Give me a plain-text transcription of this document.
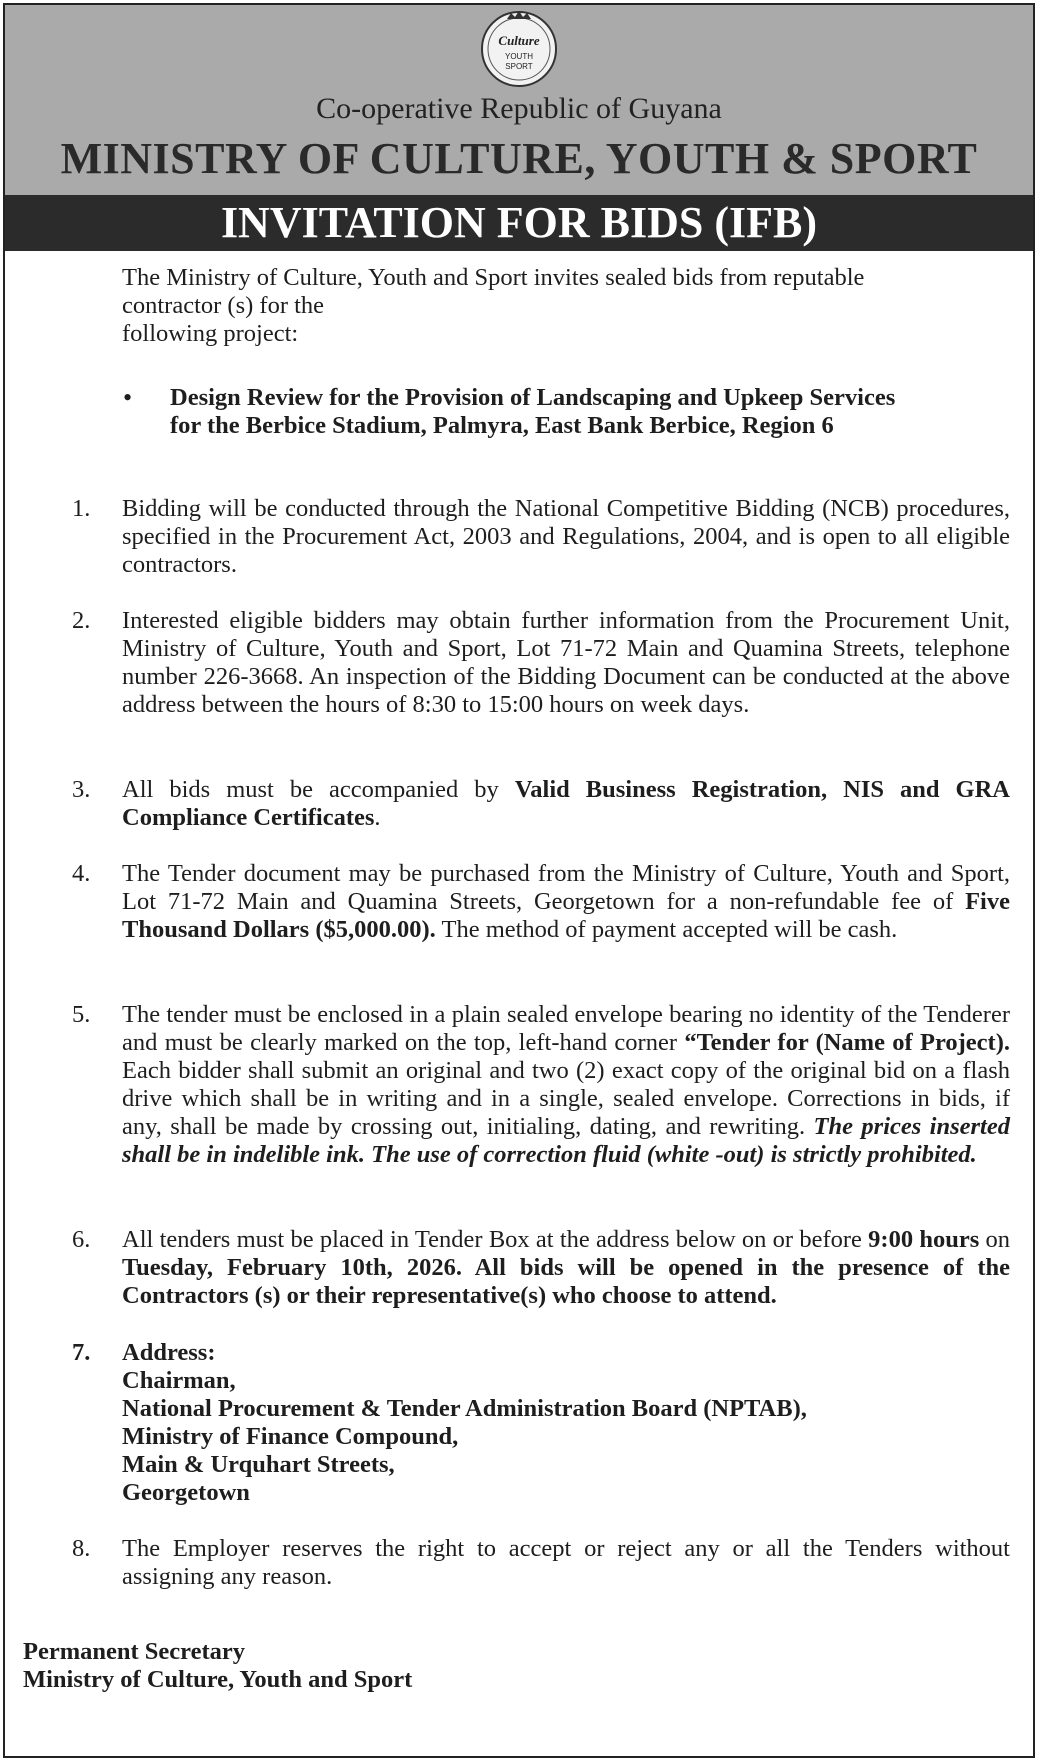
Culture
YOUTH
SPORT
Co-operative Republic of Guyana
MINISTRY OF CULTURE, YOUTH & SPORT
INVITATION FOR BIDS (IFB)
The Ministry of Culture, Youth and Sport invites sealed bids from reputable
contractor (s) for the
following project:
• Design Review for the Provision of Landscaping and Upkeep Services
for the Berbice Stadium, Palmyra, East Bank Berbice, Region 6
1.	Bidding will be conducted through the National Competitive Bidding (NCB) procedures, specified in the Procurement Act, 2003 and Regulations, 2004, and is open to all eligible contractors.
2.	Interested eligible bidders may obtain further information from the Procurement Unit, Ministry of Culture, Youth and Sport, Lot 71-72 Main and Quamina Streets, telephone number 226-3668. An inspection of the Bidding Document can be conducted at the above address between the hours of 8:30 to 15:00 hours on week days.
3.	All bids must be accompanied by Valid Business Registration, NIS and GRA Compliance Certificates.
4.	The Tender document may be purchased from the Ministry of Culture, Youth and Sport, Lot 71-72 Main and Quamina Streets, Georgetown for a non-refundable fee of Five Thousand Dollars ($5,000.00). The method of payment accepted will be cash.
5.	The tender must be enclosed in a plain sealed envelope bearing no identity of the Tenderer and must be clearly marked on the top, left-hand corner “Tender for (Name of Project). Each bidder shall submit an original and two (2) exact copy of the original bid on a flash drive which shall be in writing and in a single, sealed envelope. Corrections in bids, if any, shall be made by crossing out, initialing, dating, and rewriting. The prices inserted shall be in indelible ink. The use of correction fluid (white -out) is strictly prohibited.
6.	All tenders must be placed in Tender Box at the address below on or before 9:00 hours on Tuesday, February 10th, 2026. All bids will be opened in the presence of the Contractors (s) or their representative(s) who choose to attend.
7.	Address:
Chairman,
National Procurement & Tender Administration Board (NPTAB),
Ministry of Finance Compound,
Main & Urquhart Streets,
Georgetown
8.	The Employer reserves the right to accept or reject any or all the Tenders without assigning any reason.
Permanent Secretary
Ministry of Culture, Youth and Sport
